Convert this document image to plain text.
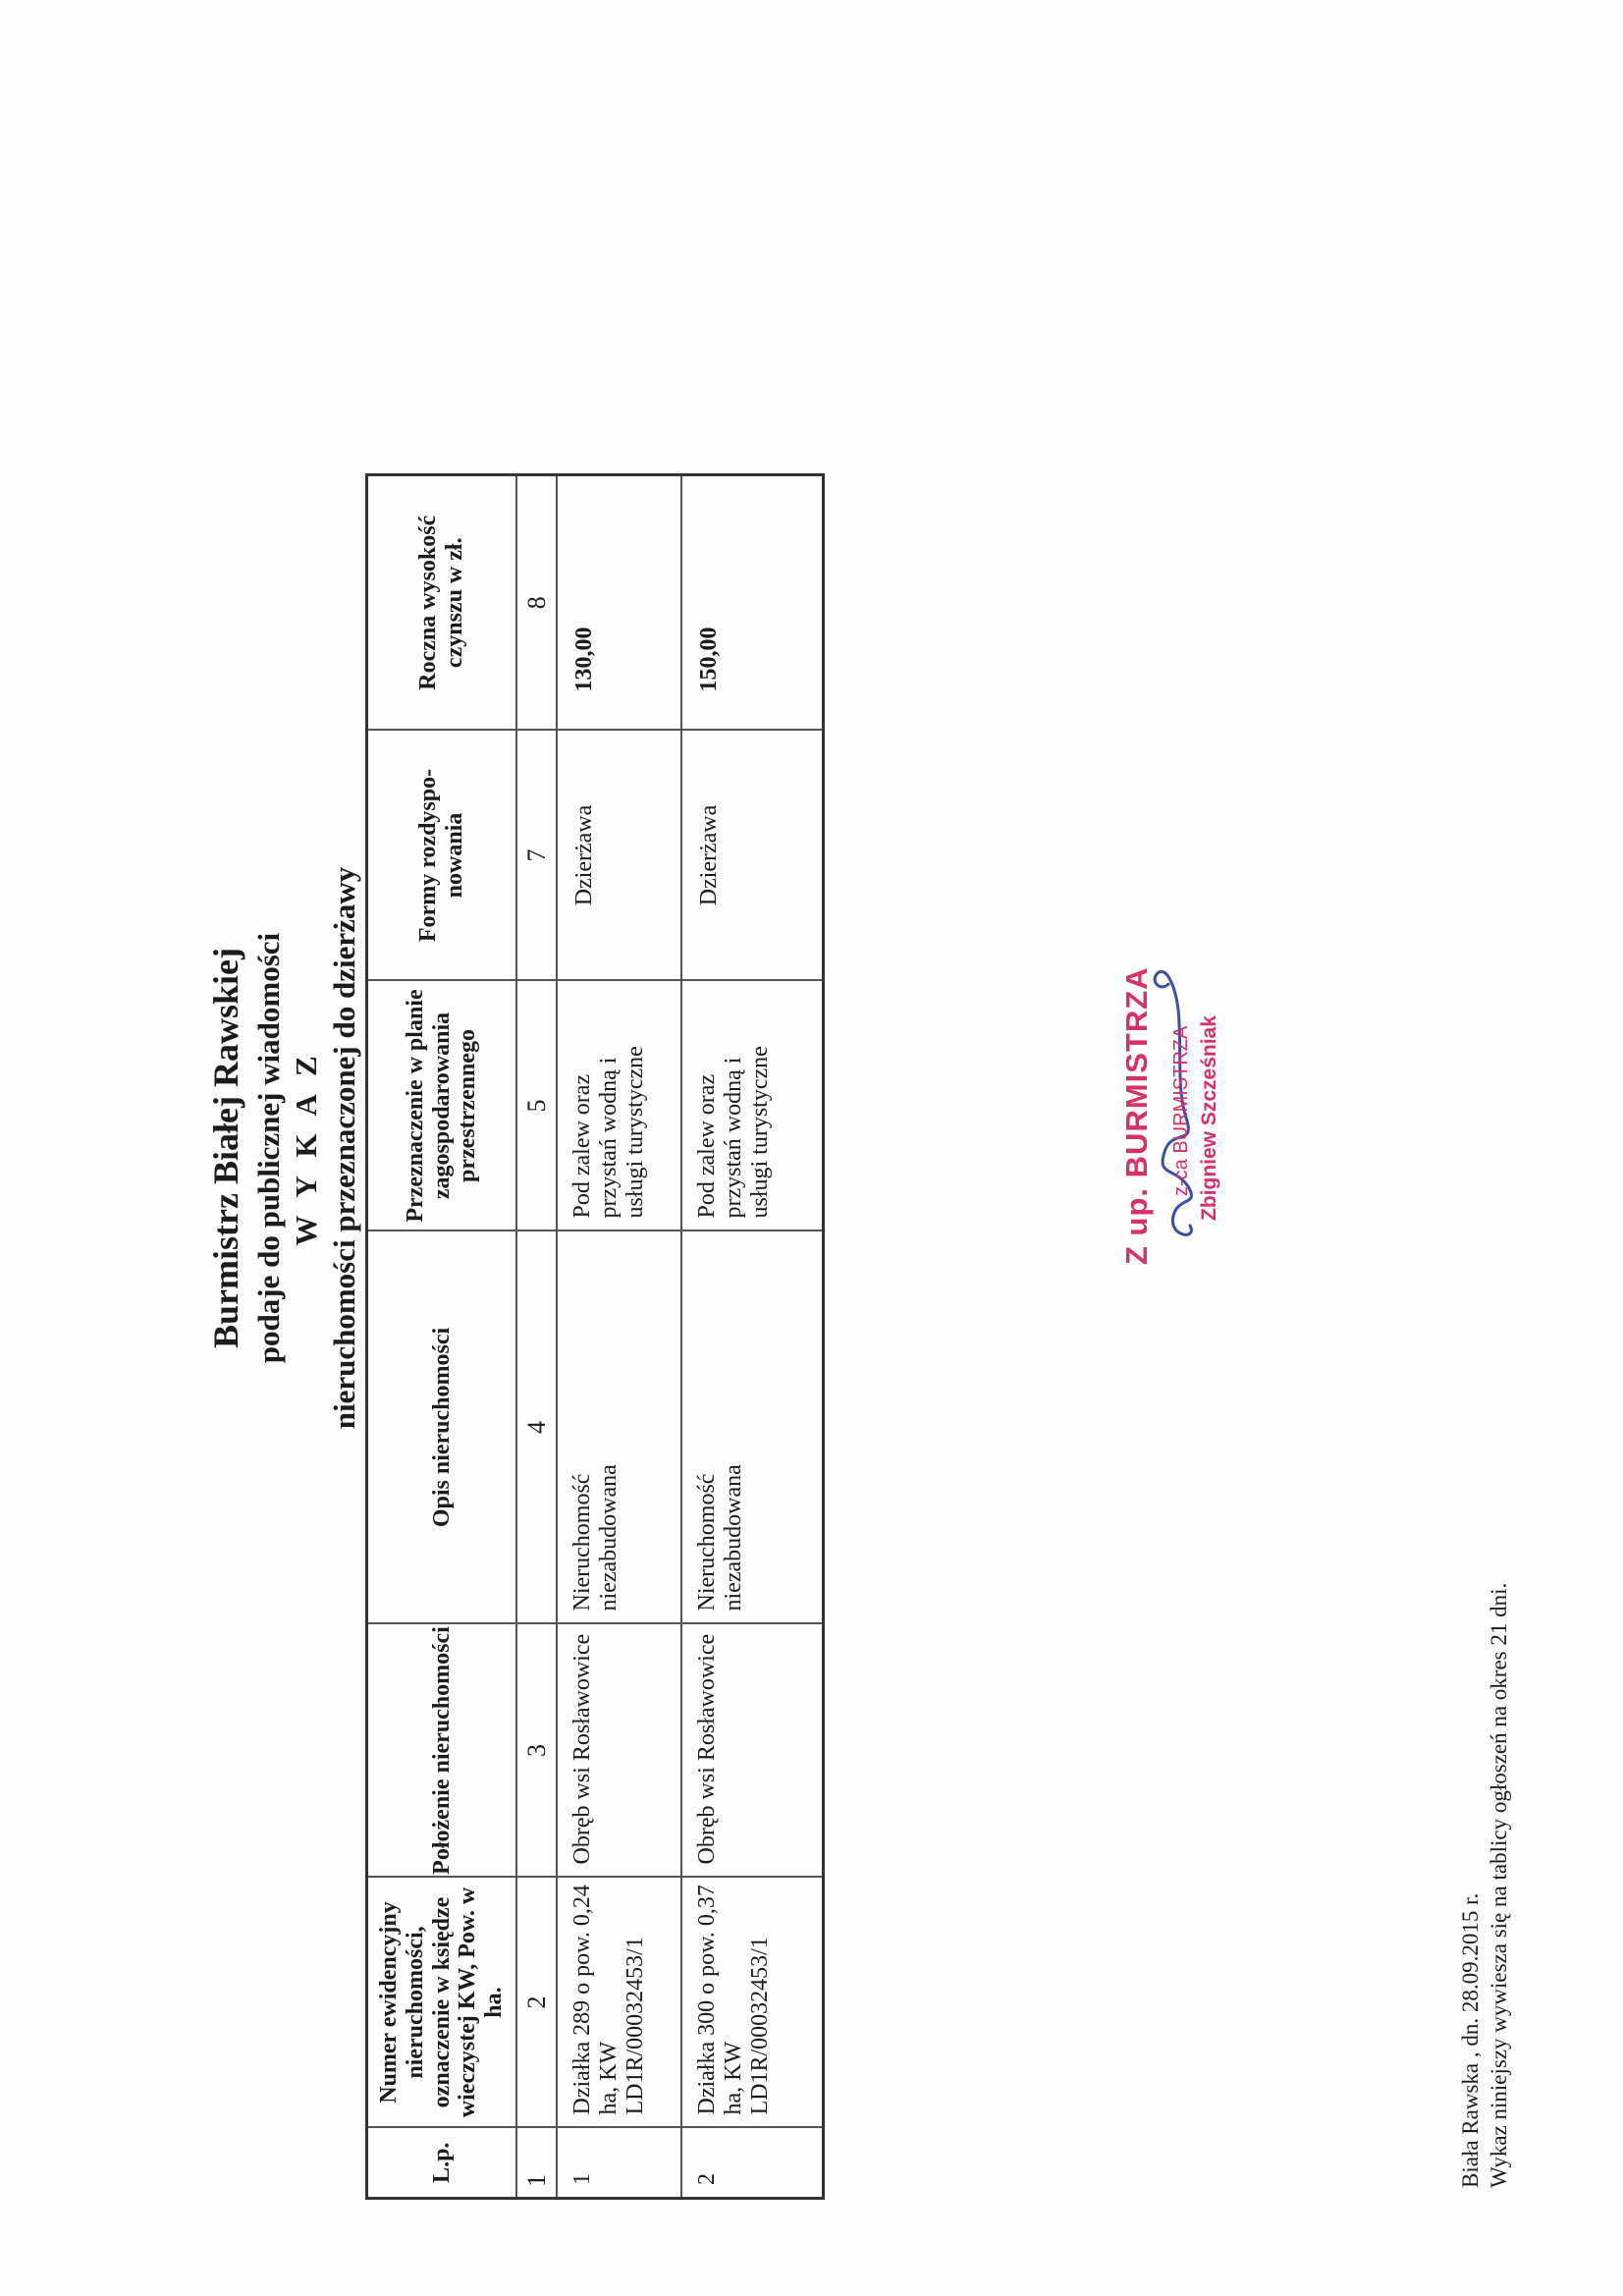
Burmistrz Białej Rawskiej podaje do publicznej wiadomości W Y K A Z nieruchomości przeznaczonej do dzierżawy
L.p.	Numer ewidencyjny nieruchomości, oznaczenie w księdze wieczystej KW, Pow. w ha.	Położenie nieruchomości	Opis nieruchomości	Przeznaczenie w planie zagospodarowania przestrzennego	Formy rozdyspo-nowania	Roczna wysokość czynszu w zł.
1	2	3	4	5	7	8

1	Działka 289 o pow. 0,24 ha, KW LD1R/00032453/1	Obręb wsi Rosławowice	Nieruchomość niezabudowana	Pod zalew oraz przystań wodną i usługi turystyczne	Dzierżawa	130,00

2	Działka 300 o pow. 0,37 ha, KW LD1R/00032453/1	Obręb wsi Rosławowice	Nieruchomość niezabudowana	Pod zalew oraz przystań wodną i usługi turystyczne	Dzierżawa	150,00
Z up. BURMISTRZA z-ca BURMISTRZA Zbigniew Szcześniak
Biała Rawska , dn. 28.09.2015 r. Wykaz niniejszy wywiesza się na tablicy ogłoszeń na okres 21 dni.
